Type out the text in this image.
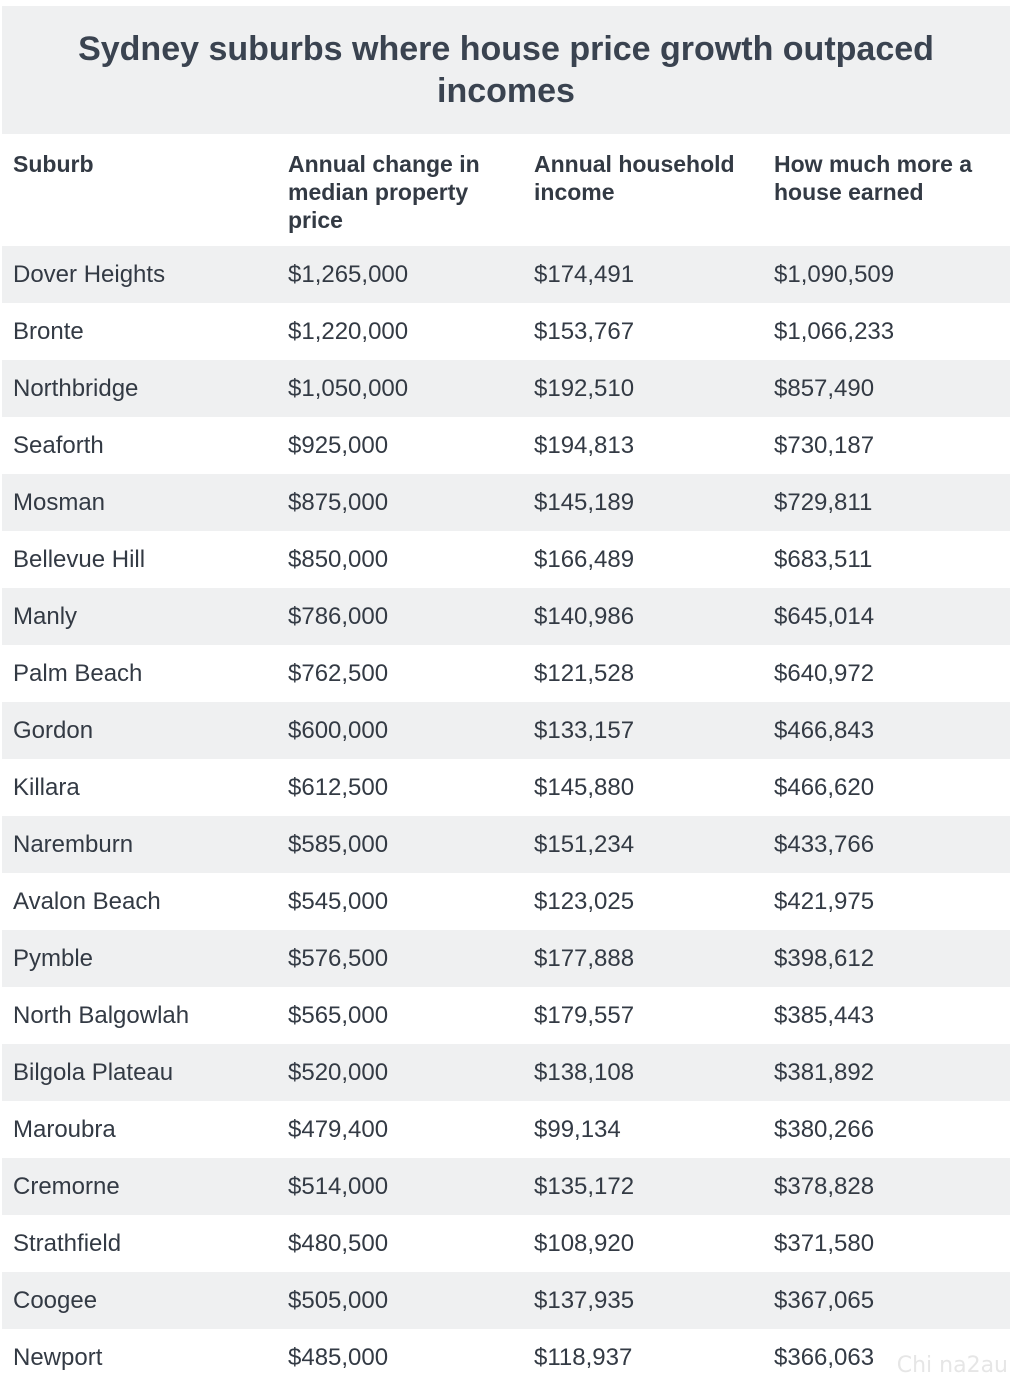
Sydney suburbs where house price growth outpaced incomes
Suburb	Annual change in median property price	Annual household income	How much more a house earned
Dover Heights	$1,265,000	$174,491	$1,090,509
Bronte	$1,220,000	$153,767	$1,066,233
Northbridge	$1,050,000	$192,510	$857,490
Seaforth	$925,000	$194,813	$730,187
Mosman	$875,000	$145,189	$729,811
Bellevue Hill	$850,000	$166,489	$683,511
Manly	$786,000	$140,986	$645,014
Palm Beach	$762,500	$121,528	$640,972
Gordon	$600,000	$133,157	$466,843
Killara	$612,500	$145,880	$466,620
Naremburn	$585,000	$151,234	$433,766
Avalon Beach	$545,000	$123,025	$421,975
Pymble	$576,500	$177,888	$398,612
North Balgowlah	$565,000	$179,557	$385,443
Bilgola Plateau	$520,000	$138,108	$381,892
Maroubra	$479,400	$99,134	$380,266
Cremorne	$514,000	$135,172	$378,828
Strathfield	$480,500	$108,920	$371,580
Coogee	$505,000	$137,935	$367,065
Newport	$485,000	$118,937	$366,063 Chi na2au
